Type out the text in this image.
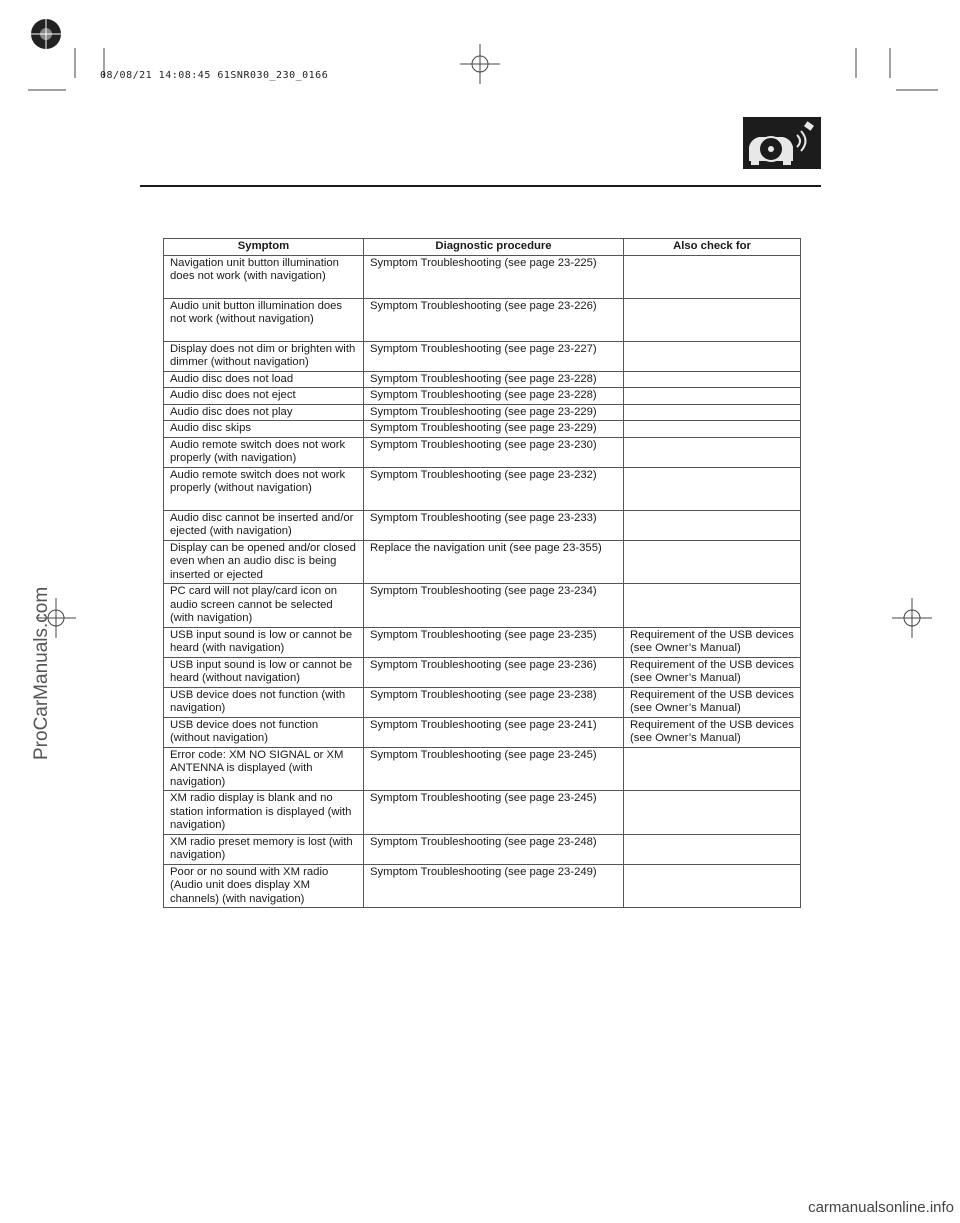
08/08/21 14:08:45 61SNR030_230_0166
Symptom	Diagnostic procedure	Also check for
Navigation unit button illumination does not work (with navigation)	Symptom Troubleshooting (see page 23-225)	
Audio unit button illumination does not work (without navigation)	Symptom Troubleshooting (see page 23-226)	
Display does not dim or brighten with dimmer (without navigation)	Symptom Troubleshooting (see page 23-227)	
Audio disc does not load	Symptom Troubleshooting (see page 23-228)	
Audio disc does not eject	Symptom Troubleshooting (see page 23-228)	
Audio disc does not play	Symptom Troubleshooting (see page 23-229)	
Audio disc skips	Symptom Troubleshooting (see page 23-229)	
Audio remote switch does not work properly (with navigation)	Symptom Troubleshooting (see page 23-230)	
Audio remote switch does not work properly (without navigation)	Symptom Troubleshooting (see page 23-232)	
Audio disc cannot be inserted and/or ejected (with navigation)	Symptom Troubleshooting (see page 23-233)	
Display can be opened and/or closed even when an audio disc is being inserted or ejected	Replace the navigation unit (see page 23-355)	
PC card will not play/card icon on audio screen cannot be selected (with navigation)	Symptom Troubleshooting (see page 23-234)	
USB input sound is low or cannot be heard (with navigation)	Symptom Troubleshooting (see page 23-235)	Requirement of the USB devices (see Owner’s Manual)
USB input sound is low or cannot be heard (without navigation)	Symptom Troubleshooting (see page 23-236)	Requirement of the USB devices (see Owner’s Manual)
USB device does not function (with navigation)	Symptom Troubleshooting (see page 23-238)	Requirement of the USB devices (see Owner’s Manual)
USB device does not function (without navigation)	Symptom Troubleshooting (see page 23-241)	Requirement of the USB devices (see Owner’s Manual)
Error code: XM NO SIGNAL or XM ANTENNA is displayed (with navigation)	Symptom Troubleshooting (see page 23-245)	
XM radio display is blank and no station information is displayed (with navigation)	Symptom Troubleshooting (see page 23-245)	
XM radio preset memory is lost (with navigation)	Symptom Troubleshooting (see page 23-248)	
Poor or no sound with XM radio (Audio unit does display XM channels) (with navigation)	Symptom Troubleshooting (see page 23-249)	
ProCarManuals.com
carmanualsonline.info
